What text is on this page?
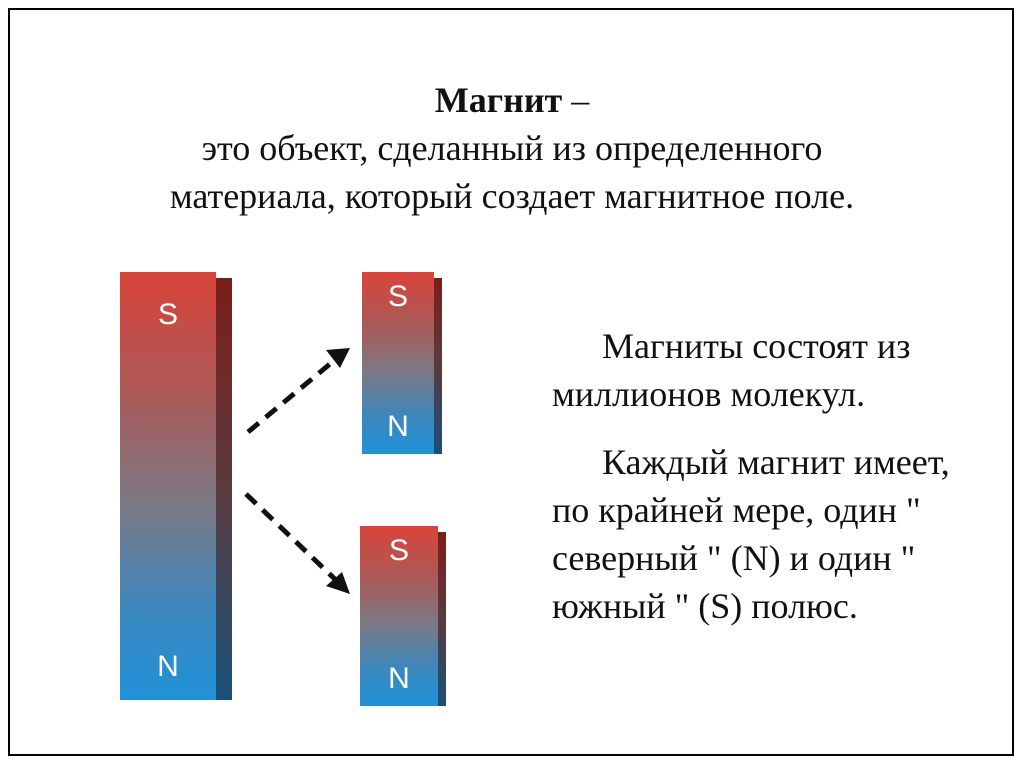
Магнит –
это объект, сделанный из определенного
материала, который создает магнитное поле.
S
N
S
N
S
N

Магниты состоят из миллионов молекул.

Каждый магнит имеет, по крайней мере, один " северный " (N) и один " южный " (S) полюс.
